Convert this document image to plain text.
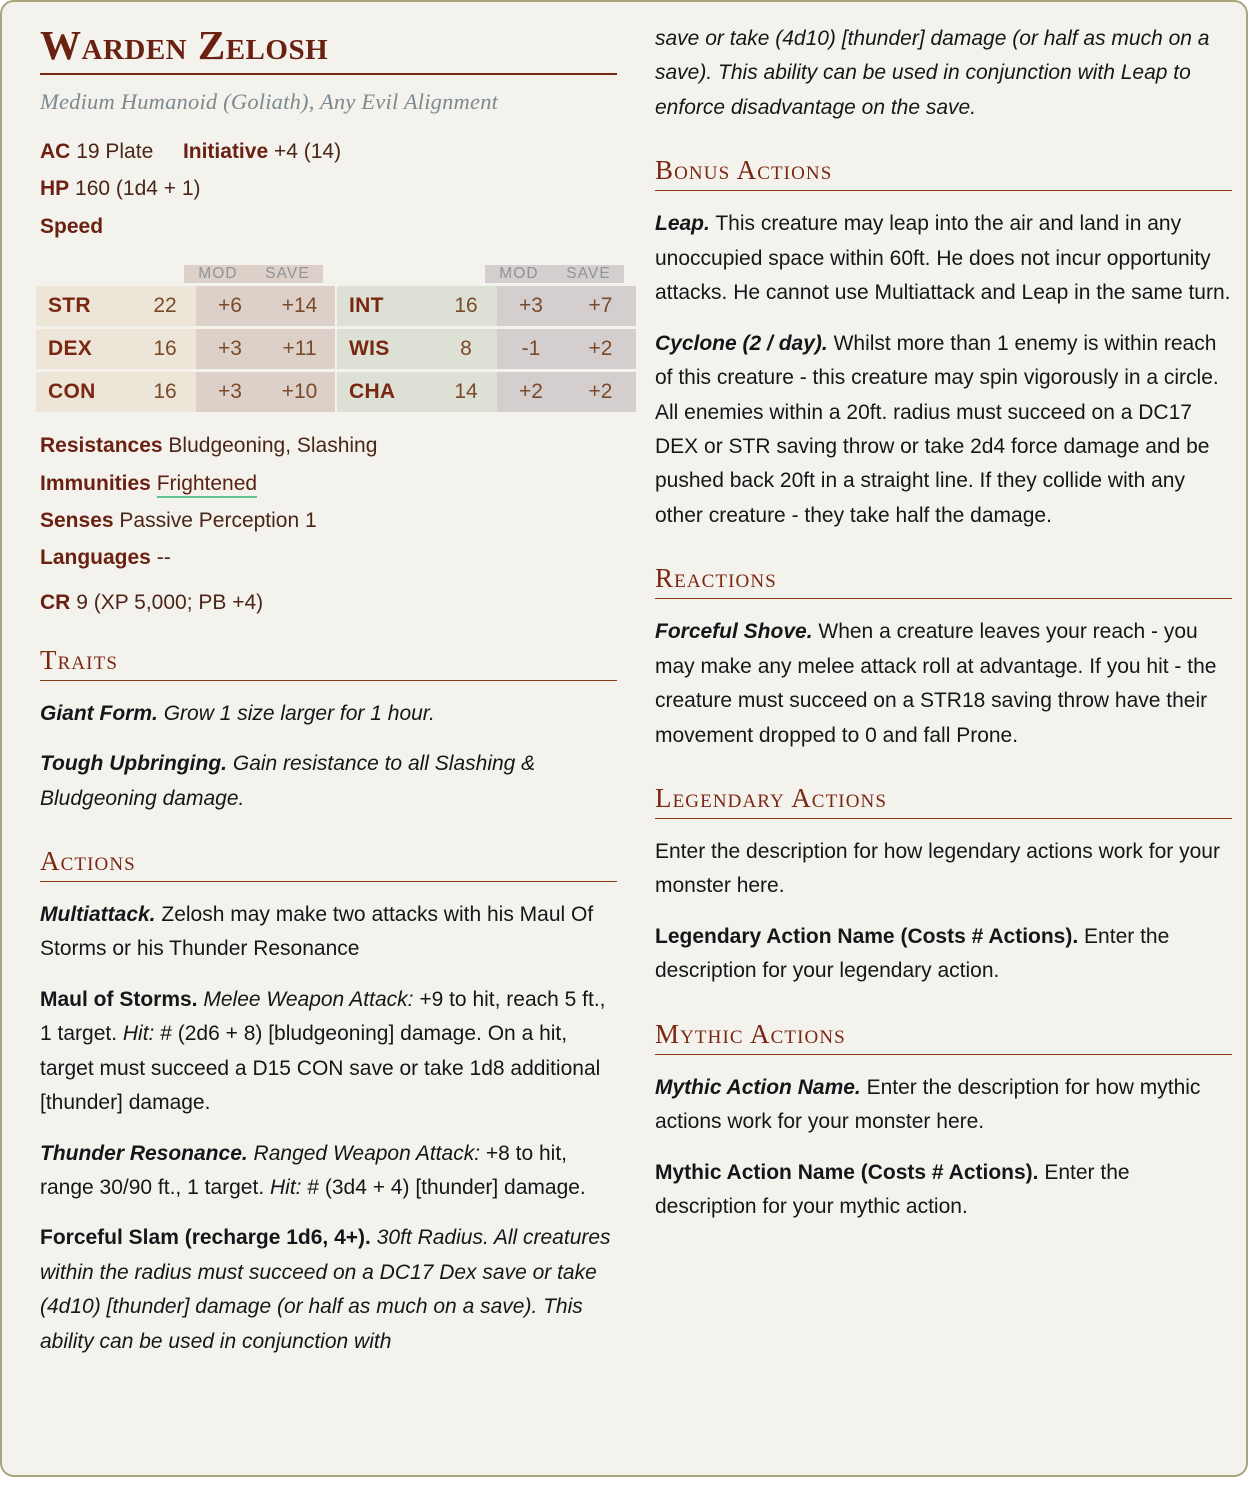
Warden Zelosh
Medium Humanoid (Goliath), Any Evil Alignment
AC 19 Plate Initiative +4 (14)
HP 160 (1d4 + 1)
Speed
MOD	SAVE
STR	22 +6 +14
DEX	16 +3 +11
CON	16 +3 +10
MOD	SAVE
INT	16 +3 +7
WIS	8 -1 +2
CHA	14 +2 +2
Resistances Bludgeoning, Slashing
Immunities Frightened
Senses Passive Perception 1
Languages --
CR 9 (XP 5,000; PB +4)
Traits
Giant Form. Grow 1 size larger for 1 hour.
Tough Upbringing. Gain resistance to all Slashing & Bludgeoning damage.
Actions
Multiattack. Zelosh may make two attacks with his Maul Of Storms or his Thunder Resonance
Maul of Storms. Melee Weapon Attack: +9 to hit, reach 5 ft., 1 target. Hit: # (2d6 + 8) [bludgeoning] damage. On a hit, target must succeed a D15 CON save or take 1d8 additional [thunder] damage.
Thunder Resonance. Ranged Weapon Attack: +8 to hit, range 30/90 ft., 1 target. Hit: # (3d4 + 4) [thunder] damage.
Forceful Slam (recharge 1d6, 4+). 30ft Radius. All creatures within the radius must succeed on a DC17 Dex save or take (4d10) [thunder] damage (or half as much on a save). This ability can be used in conjunction with
save or take (4d10) [thunder] damage (or half as much on a save). This ability can be used in conjunction with Leap to enforce disadvantage on the save.
Bonus Actions
Leap. This creature may leap into the air and land in any unoccupied space within 60ft. He does not incur opportunity attacks. He cannot use Multiattack and Leap in the same turn.
Cyclone (2 / day). Whilst more than 1 enemy is within reach of this creature - this creature may spin vigorously in a circle. All enemies within a 20ft. radius must succeed on a DC17 DEX or STR saving throw or take 2d4 force damage and be pushed back 20ft in a straight line. If they collide with any other creature - they take half the damage.
Reactions
Forceful Shove. When a creature leaves your reach - you may make any melee attack roll at advantage. If you hit - the creature must succeed on a STR18 saving throw have their movement dropped to 0 and fall Prone.
Legendary Actions
Enter the description for how legendary actions work for your monster here.
Legendary Action Name (Costs # Actions). Enter the description for your legendary action.
Mythic Actions
Mythic Action Name. Enter the description for how mythic actions work for your monster here.
Mythic Action Name (Costs # Actions). Enter the description for your mythic action.
